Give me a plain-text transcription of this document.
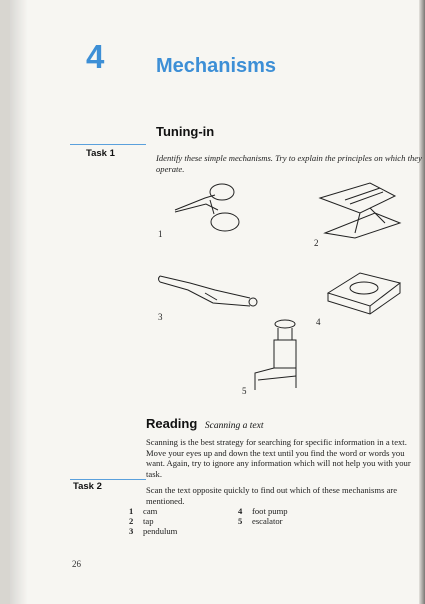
4	Mechanisms
Tuning-in
Task 1	Identify these simple mechanisms. Try to explain the principles on which they operate.
1
2
3	4
5
Reading Scanning a text
Scanning is the best strategy for searching for specific information in a text. Move your eyes up and down the text until you find the word or words you want. Again, try to ignore any information which will not help you with your task.
Task 2	Scan the text opposite quickly to find out which of these mechanisms are mentioned.
1	cam
2	tap
3	pendulum
4	foot pump
5	escalator
26
